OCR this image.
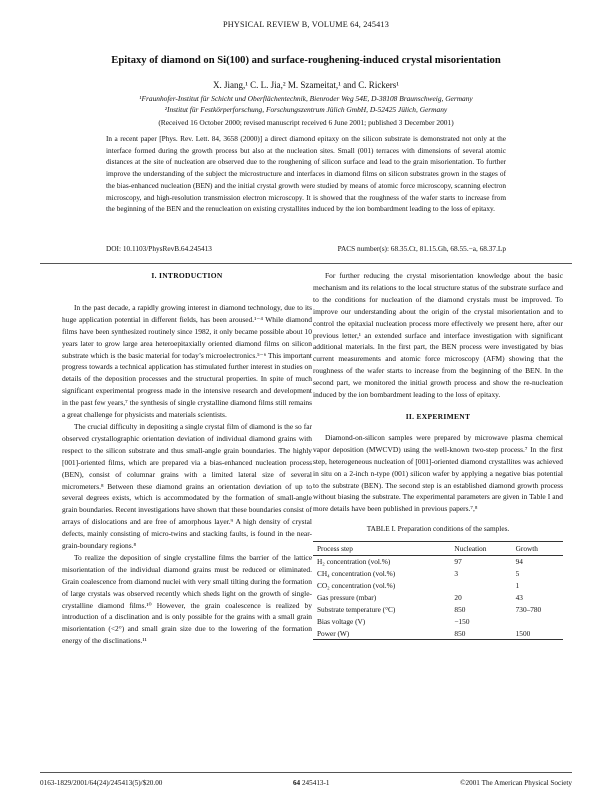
PHYSICAL REVIEW B, VOLUME 64, 245413
Epitaxy of diamond on Si(100) and surface-roughening-induced crystal misorientation
X. Jiang,¹ C. L. Jia,² M. Szameitat,¹ and C. Rickers¹
¹Fraunhofer-Institut für Schicht und Oberflächentechnik, Bienroder Weg 54E, D-38108 Braunschweig, Germany
²Institut für Festkörperforschung, Forschungszentrum Jülich GmbH, D-52425 Jülich, Germany
(Received 16 October 2000; revised manuscript received 6 June 2001; published 3 December 2001)
In a recent paper [Phys. Rev. Lett. 84, 3658 (2000)] a direct diamond epitaxy on the silicon substrate is demonstrated not only at the interface formed during the growth process but also at the nucleation sites. Small (001) terraces with dimensions of several atomic distances at the site of nucleation are observed due to the roughening of silicon surface and lead to the grain misorientation. To further improve the understanding of the subject the microstructure and interfaces in diamond films on silicon substrates grown in the stages of the bias-enhanced nucleation (BEN) and the initial crystal growth were studied by means of atomic force microscopy, scanning electron microscopy, and high-resolution transmission electron microscopy. It is showed that the roughness of the wafer starts to increase from the beginning of the BEN and the renucleation on existing crystallites induced by the ion bombardment leading to the loss of epitaxy.
DOI: 10.1103/PhysRevB.64.245413	PACS number(s): 68.35.Ct, 81.15.Gh, 68.55.−a, 68.37.Lp
I. INTRODUCTION

In the past decade, a rapidly growing interest in diamond technology, due to its huge application potential in different fields, has been aroused.¹⁻⁴ While diamond films have been synthesized routinely since 1982, it only became possible about 10 years later to grow large area heteroepitaxially oriented diamond films on silicon substrate which is the basic material for today’s microelectronics.⁵⁻⁶ This important progress towards a technical application has stimulated further interest in studies on details of the deposition processes and the structural properties. In spite of much significant experimental progress made in the intensive research and development in the past few years,⁷ the synthesis of single crystalline diamond films still remains a great challenge for physicists and materials scientists.

The crucial difficulty in depositing a single crystal film of diamond is the so far observed crystallographic orientation deviation of individual diamond grains with respect to the silicon substrate and thus small-angle grain boundaries. The highly [001]-oriented films, which are prepared via a bias-enhanced nucleation process (BEN), consist of columnar grains with a limited lateral size of several micrometers.⁸ Between these diamond grains an orientation deviation of up to several degrees exists, which is accommodated by the formation of small-angle grain boundaries. Recent investigations have shown that these boundaries consist of arrays of dislocations and are free of amorphous layer.⁹ A high density of crystal defects, mainly consisting of micro-twins and stacking faults, is found in the near-grain-boundary regions.⁸

To realize the deposition of single crystalline films the barrier of the lattice misorientation of the individual diamond grains must be reduced or eliminated. Grain coalescence from diamond nuclei with very small tilting during the formation of large crystals was observed recently which sheds light on the growth of single-crystalline diamond films.¹⁰ However, the grain coalescence is realized by introduction of a disclination and is only possible for the grains with a small grain misorientation (<2°) and small grain size due to the lowering of the formation energy of the disclinations.¹¹

For further reducing the crystal misorientation knowledge about the basic mechanism and its relations to the local structure status of the substrate surface and to the conditions for nucleation of the diamond crystals must be improved. To improve our understanding about the origin of the crystal misorientation and to control the epitaxial nucleation process more effectively we present here, after our previous letter,¹ an extended surface and interface investigation with significant additional materials. In the first part, the BEN process were investigated by bias current measurements and atomic force microscopy (AFM) showing that the roughness of the wafer starts to increase from the beginning of the BEN. In the second part, we monitored the initial growth process and show the re-nucleation induced by the ion bombardment leading to the loss of epitaxy.

II. EXPERIMENT

Diamond-on-silicon samples were prepared by microwave plasma chemical vapor deposition (MWCVD) using the well-known two-step process.⁷ In the first step, heterogeneous nucleation of [001]-oriented diamond crystallites was achieved in situ on a 2-inch n-type (001) silicon wafer by applying a negative bias potential to the substrate (BEN). The second step is an established diamond growth process without biasing the substrate. The experimental parameters are given in Table I and more details have been published in previous papers.⁷,⁸

TABLE I. Preparation conditions of the samples.
Process step	Nucleation	Growth
H₂ concentration (vol.%)	97	94
CH₄ concentration (vol.%)	3	5
CO₂ concentration (vol.%)		1
Gas pressure (mbar)	20	43
Substrate temperature (°C)	850	730–780
Bias voltage (V)	−150	
Power (W)	850	1500
0163-1829/2001/64(24)/245413(5)/$20.00	64 245413-1	©2001 The American Physical Society
